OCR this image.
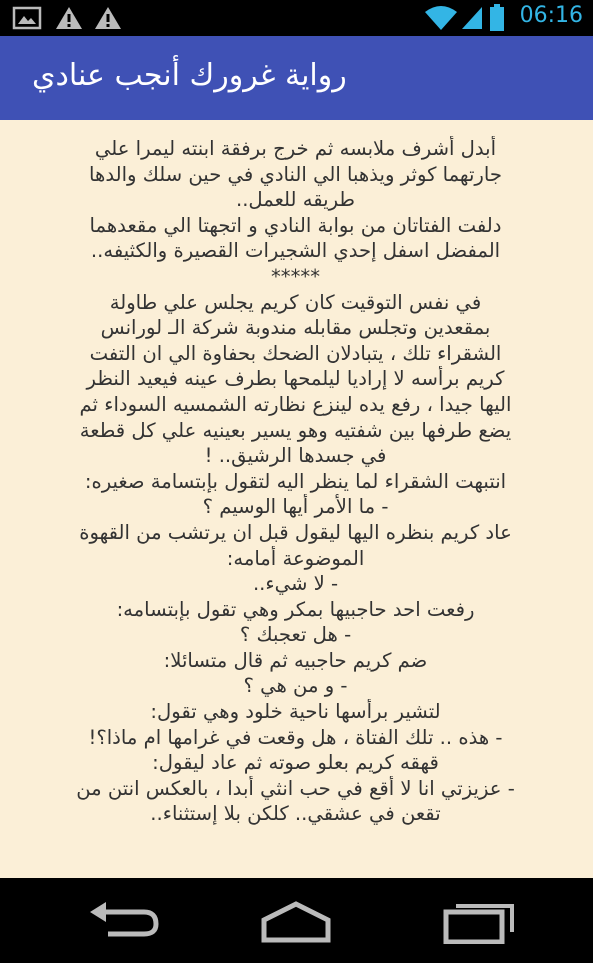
06:16
رواية غرورك أنجب عنادي
أبدل أشرف ملابسه ثم خرج برفقة ابنته ليمرا علي
جارتهما كوثر ويذهبا الي النادي في حين سلك والدها
طريقه للعمل..
دلفت الفتاتان من بوابة النادي و اتجهتا الي مقعدهما
المفضل اسفل إحدي الشجيرات القصيرة والكثيفه..
*****
في نفس التوقيت كان كريم يجلس علي طاولة
بمقعدين وتجلس مقابله مندوبة شركة الـ لورانس
الشقراء تلك ، يتبادلان الضحك بحفاوة الي ان التفت
كريم برأسه لا إراديا ليلمحها بطرف عينه فيعيد النظر
اليها جيدا ، رفع يده لينزع نظارته الشمسيه السوداء ثم
يضع طرفها بين شفتيه وهو يسير بعينيه علي كل قطعة
في جسدها الرشيق.. !
انتبهت الشقراء لما ينظر اليه لتقول بإبتسامة صغيره:
- ما الأمر أيها الوسيم ؟
عاد كريم بنظره اليها ليقول قبل ان يرتشب من القهوة
الموضوعة أمامه:
- لا شيء..
رفعت احد حاجبيها بمكر وهي تقول بإبتسامه:
- هل تعجبك ؟
ضم كريم حاجبيه ثم قال متسائلا:
- و من هي ؟
لتشير برأسها ناحية خلود وهي تقول:
- هذه .. تلك الفتاة ، هل وقعت في غرامها ام ماذا؟!
قهقه كريم بعلو صوته ثم عاد ليقول:
- عزيزتي انا لا أقع في حب انثي أبدا ، بالعكس انتن من
تقعن في عشقي.. كلكن بلا إستثناء..
